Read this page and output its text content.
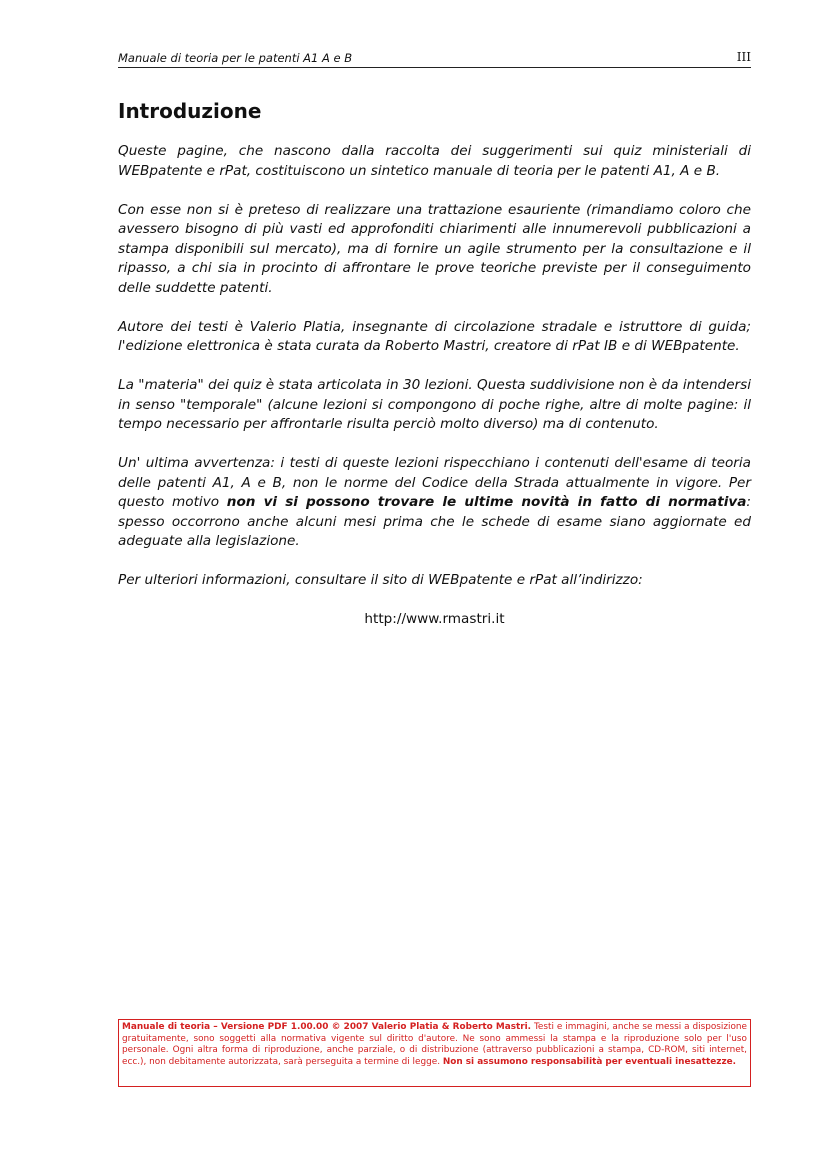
Manuale di teoria per le patenti A1 A e B	III
Introduzione

Queste pagine, che nascono dalla raccolta dei suggerimenti sui quiz ministeriali di WEBpatente e rPat, costituiscono un sintetico manuale di teoria per le patenti A1, A e B.

Con esse non si è preteso di realizzare una trattazione esauriente (rimandiamo coloro che avessero bisogno di più vasti ed approfonditi chiarimenti alle innumerevoli pubblicazioni a stampa disponibili sul mercato), ma di fornire un agile strumento per la consultazione e il ripasso, a chi sia in procinto di affrontare le prove teoriche previste per il conseguimento delle suddette patenti.

Autore dei testi è Valerio Platia, insegnante di circolazione stradale e istruttore di guida; l'edizione elettronica è stata curata da Roberto Mastri, creatore di rPat IB e di WEBpatente.

La "materia" dei quiz è stata articolata in 30 lezioni. Questa suddivisione non è da intendersi in senso "temporale" (alcune lezioni si compongono di poche righe, altre di molte pagine: il tempo necessario per affrontarle risulta perciò molto diverso) ma di contenuto.

Un' ultima avvertenza: i testi di queste lezioni rispecchiano i contenuti dell'esame di teoria delle patenti A1, A e B, non le norme del Codice della Strada attualmente in vigore. Per questo motivo non vi si possono trovare le ultime novità in fatto di normativa: spesso occorrono anche alcuni mesi prima che le schede di esame siano aggiornate ed adeguate alla legislazione.

Per ulteriori informazioni, consultare il sito di WEBpatente e rPat all’indirizzo:

http://www.rmastri.it

Manuale di teoria – Versione PDF 1.00.00 © 2007 Valerio Platia & Roberto Mastri. Testi e immagini, anche se messi a disposizione gratuitamente, sono soggetti alla normativa vigente sul diritto d'autore. Ne sono ammessi la stampa e la riproduzione solo per l'uso personale. Ogni altra forma di riproduzione, anche parziale, o di distribuzione (attraverso pubblicazioni a stampa, CD-ROM, siti internet, ecc.), non debitamente autorizzata, sarà perseguita a termine di legge. Non si assumono responsabilità per eventuali inesattezze.
